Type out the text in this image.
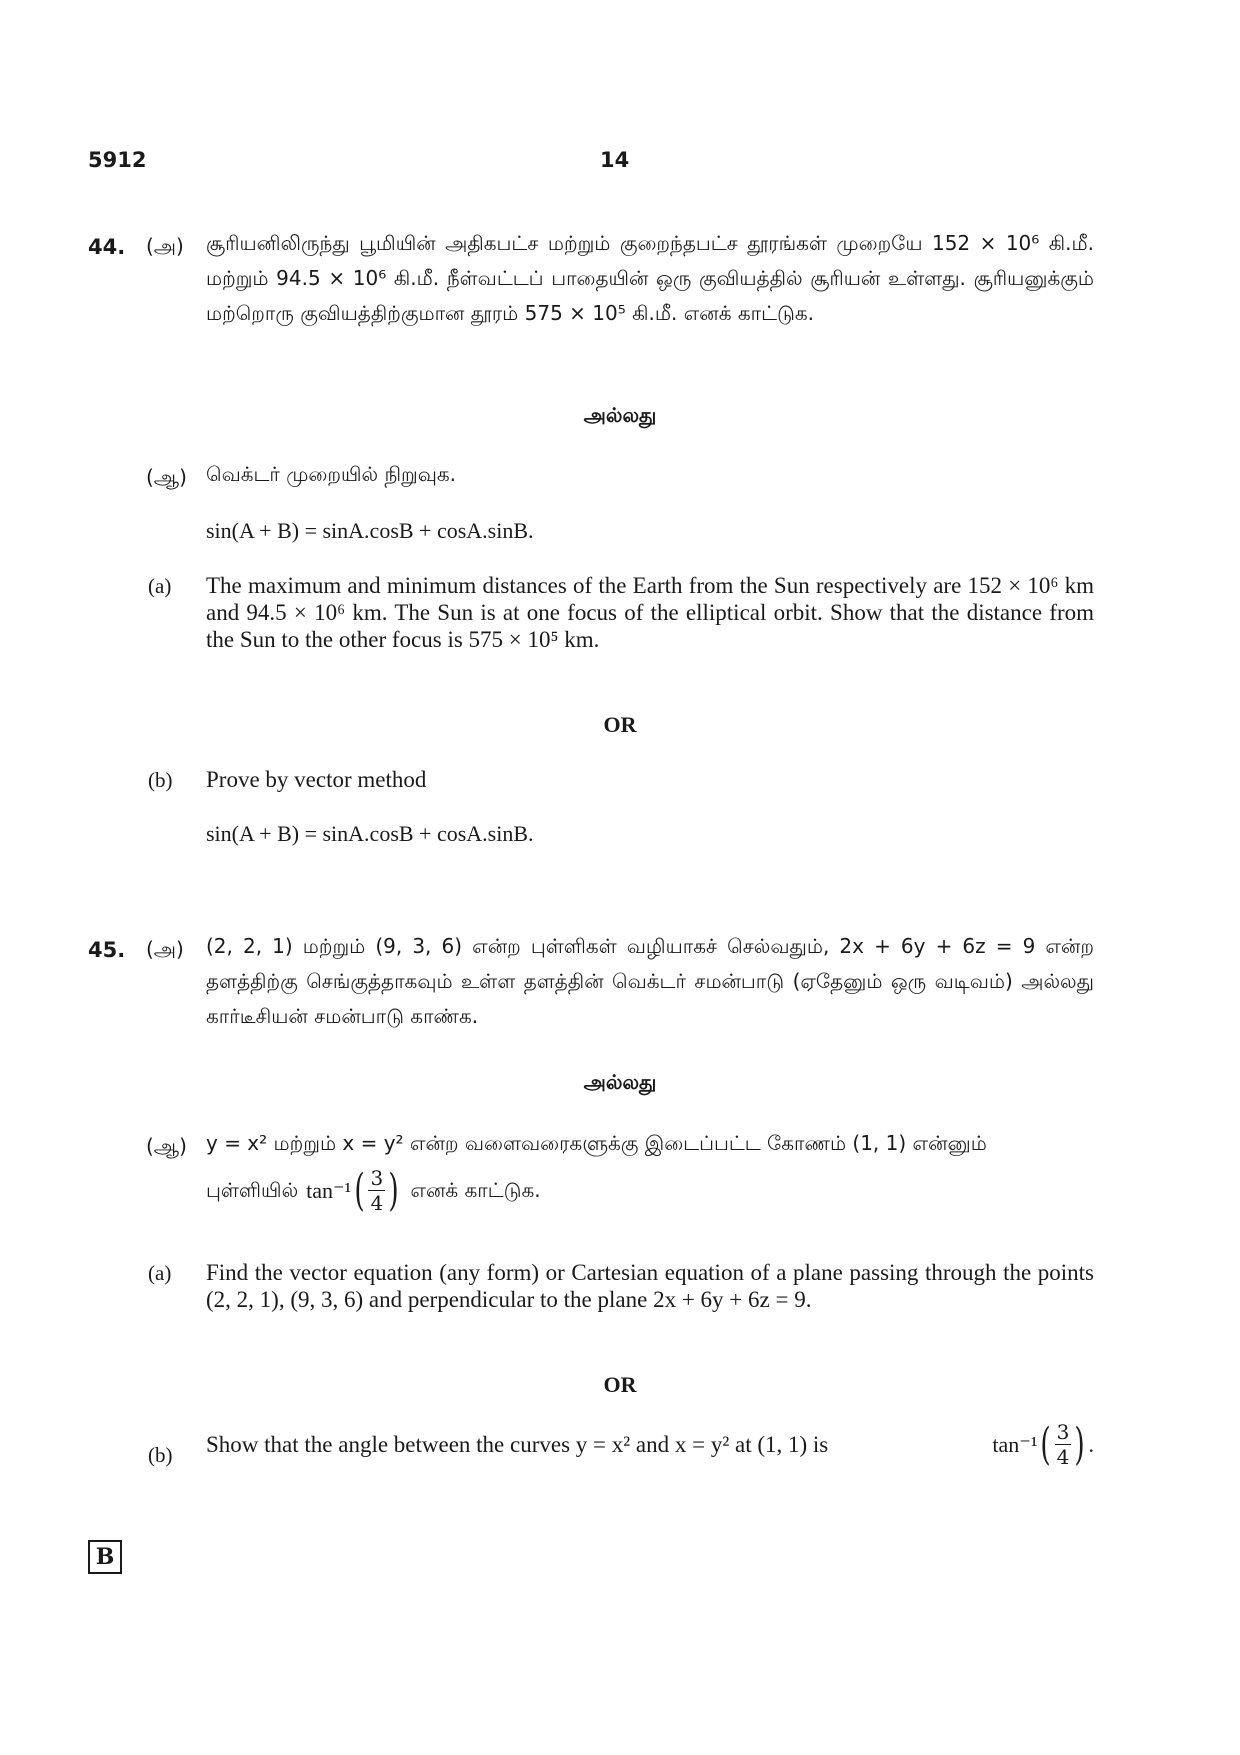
5912	14
44. (அ) சூரியனிலிருந்து பூமியின் அதிகபட்ச மற்றும் குறைந்தபட்ச தூரங்கள் முறையே 152 × 10⁶ கி.மீ. மற்றும் 94.5 × 10⁶ கி.மீ. நீள்வட்டப் பாதையின் ஒரு குவியத்தில் சூரியன் உள்ளது. சூரியனுக்கும் மற்றொரு குவியத்திற்குமான தூரம் 575 × 10⁵ கி.மீ. எனக் காட்டுக.
அல்லது
(ஆ) வெக்டர் முறையில் நிறுவுக.
sin(A + B) = sinA.cosB + cosA.sinB.
(a) The maximum and minimum distances of the Earth from the Sun respectively are 152 × 10⁶ km and 94.5 × 10⁶ km. The Sun is at one focus of the elliptical orbit. Show that the distance from the Sun to the other focus is 575 × 10⁵ km.
OR
(b) Prove by vector method
sin(A + B) = sinA.cosB + cosA.sinB.
45. (அ) (2, 2, 1) மற்றும் (9, 3, 6) என்ற புள்ளிகள் வழியாகச் செல்வதும், 2x + 6y + 6z = 9 என்ற தளத்திற்கு செங்குத்தாகவும் உள்ள தளத்தின் வெக்டர் சமன்பாடு (ஏதேனும் ஒரு வடிவம்) அல்லது கார்டீசியன் சமன்பாடு காண்க.
அல்லது
(ஆ) y = x² மற்றும் x = y² என்ற வளைவரைகளுக்கு இடைப்பட்ட கோணம் (1, 1) என்னும்
புள்ளியில் tan⁻¹ ( $\frac{3}{4}$ ) எனக் காட்டுக.
(a) Find the vector equation (any form) or Cartesian equation of a plane passing through the points (2, 2, 1), (9, 3, 6) and perpendicular to the plane 2x + 6y + 6z = 9.
OR
(b) Show that the angle between the curves y = x² and x = y² at (1, 1) is	tan⁻¹ ( $\frac{3}{4}$ ) .
B
